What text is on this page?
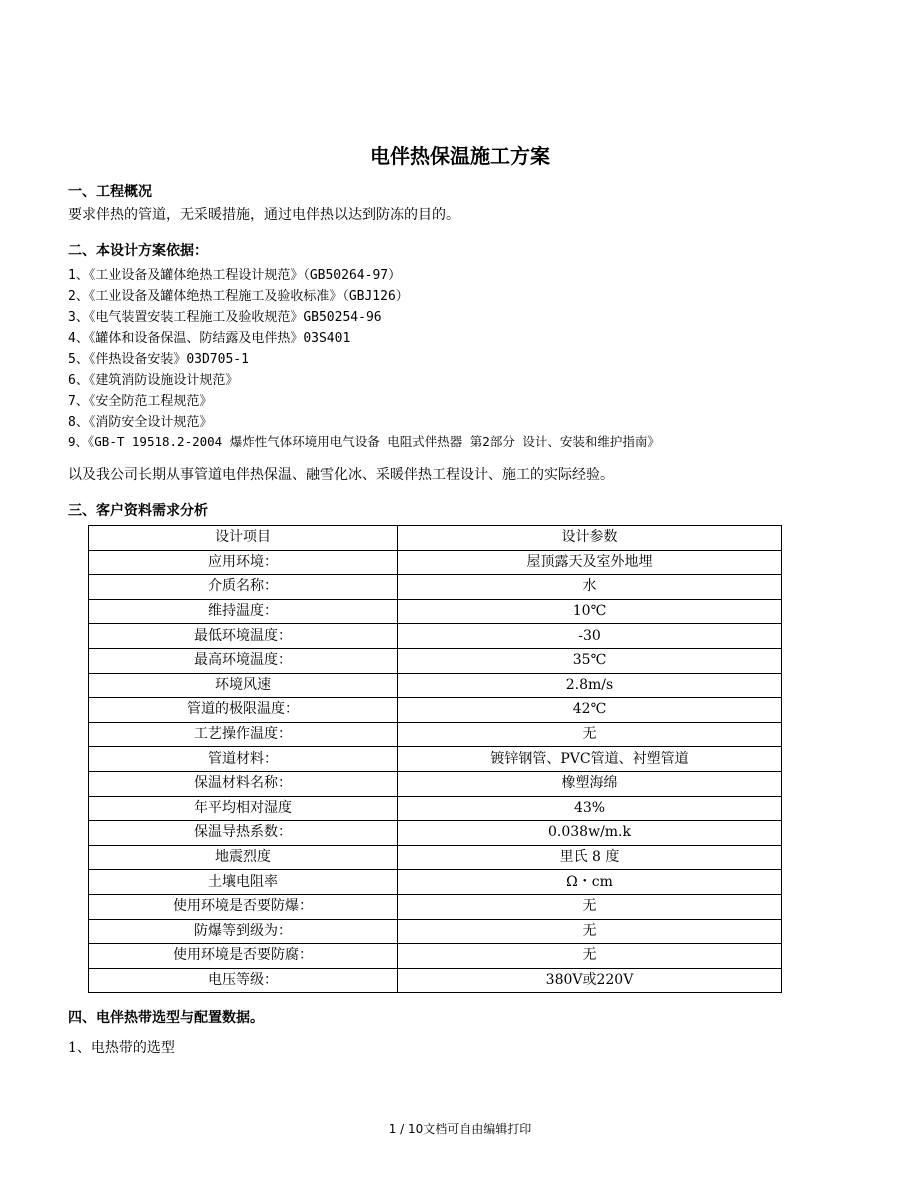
电伴热保温施工方案
一、工程概况
要求伴热的管道，无采暖措施，通过电伴热以达到防冻的目的。
二、本设计方案依据：
1、《工业设备及罐体绝热工程设计规范》（GB50264-97）
2、《工业设备及罐体绝热工程施工及验收标准》（GBJ126）
3、《电气装置安装工程施工及验收规范》GB50254-96
4、《罐体和设备保温、防结露及电伴热》03S401
5、《伴热设备安装》03D705-1
6、《建筑消防设施设计规范》
7、《安全防范工程规范》
8、《消防安全设计规范》
9、《GB-T 19518.2-2004 爆炸性气体环境用电气设备 电阻式伴热器 第2部分 设计、安装和维护指南》
以及我公司长期从事管道电伴热保温、融雪化冰、采暖伴热工程设计、施工的实际经验。
三、客户资料需求分析
设计项目	设计参数
应用环境：	屋顶露天及室外地埋
介质名称：	水
维持温度：	10℃
最低环境温度：	-30
最高环境温度：	35℃
环境风速	2.8m/s
管道的极限温度：	42℃
工艺操作温度：	无
管道材料：	镀锌钢管、PVC管道、衬塑管道
保温材料名称：	橡塑海绵
年平均相对湿度	43%
保温导热系数：	0.038w/m.k
地震烈度	里氏 8 度
土壤电阻率	Ω・cm
使用环境是否要防爆：	无
防爆等到级为：	无
使用环境是否要防腐：	无
电压等级：	380V或220V
四、电伴热带选型与配置数据。
1、电热带的选型
1 / 10文档可自由编辑打印
